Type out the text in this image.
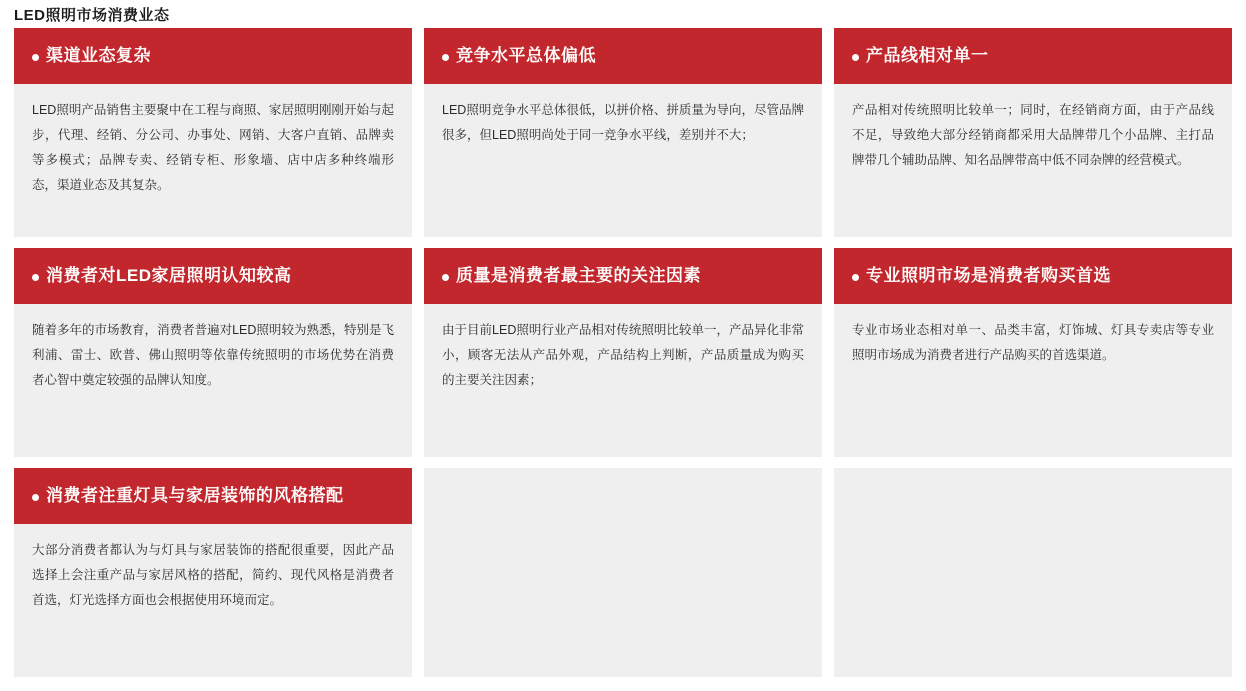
LED照明市场消费业态
渠道业态复杂

LED照明产品销售主要聚中在工程与商照、家居照明刚刚开始与起步，代理、经销、分公司、办事处、网销、大客户直销、品牌卖等多模式；品牌专卖、经销专柜、形象墙、店中店多种终端形态，渠道业态及其复杂。

竞争水平总体偏低

LED照明竞争水平总体很低，以拼价格、拼质量为导向，尽管品牌很多，但LED照明尚处于同一竞争水平线，差别并不大；

产品线相对单一

产品相对传统照明比较单一；同时，在经销商方面，由于产品线不足，导致绝大部分经销商都采用大品牌带几个小品牌、主打品牌带几个辅助品牌、知名品牌带高中低不同杂牌的经营模式。

消费者对LED家居照明认知较高

随着多年的市场教育，消费者普遍对LED照明较为熟悉，特别是飞利浦、雷士、欧普、佛山照明等依靠传统照明的市场优势在消费者心智中奠定较强的品牌认知度。

质量是消费者最主要的关注因素

由于目前LED照明行业产品相对传统照明比较单一，产品异化非常小，顾客无法从产品外观，产品结构上判断，产品质量成为购买的主要关注因素；

专业照明市场是消费者购买首选

专业市场业态相对单一、品类丰富，灯饰城、灯具专卖店等专业照明市场成为消费者进行产品购买的首选渠道。

消费者注重灯具与家居装饰的风格搭配

大部分消费者都认为与灯具与家居装饰的搭配很重要，因此产品选择上会注重产品与家居风格的搭配，简约、现代风格是消费者首选，灯光选择方面也会根据使用环境而定。
